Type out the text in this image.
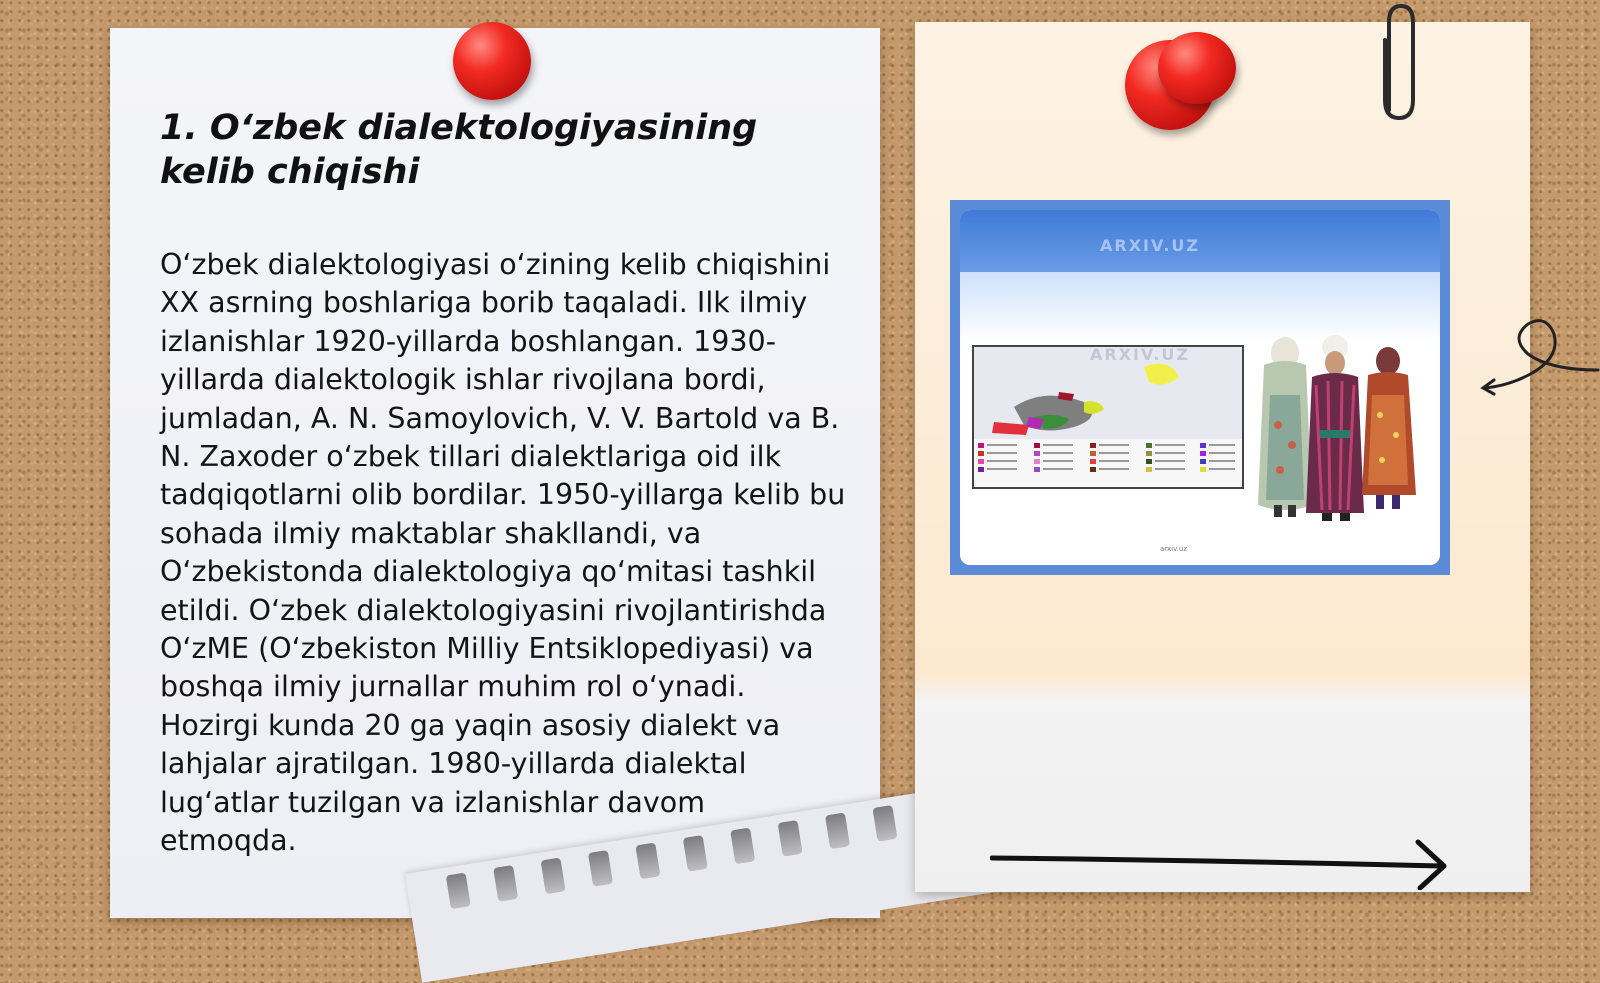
1. O‘zbek dialektologiyasining kelib chiqishi

O‘zbek dialektologiyasi o‘zining kelib chiqishini XX asrning boshlariga borib taqaladi. Ilk ilmiy izlanishlar 1920-yillarda boshlangan. 1930-yillarda dialektologik ishlar rivojlana bordi, jumladan, A. N. Samoylovich, V. V. Bartold va B. N. Zaxoder o‘zbek tillari dialektlariga oid ilk tadqiqotlarni olib bordilar. 1950-yillarga kelib bu sohada ilmiy maktablar shakllandi, va O‘zbekistonda dialektologiya qo‘mitasi tashkil etildi. O‘zbek dialektologiyasini rivojlantirishda O‘zME (O‘zbekiston Milliy Entsiklopediyasi) va boshqa ilmiy jurnallar muhim rol o‘ynadi. Hozirgi kunda 20 ga yaqin asosiy dialekt va lahjalar ajratilgan. 1980-yillarda dialektal lug‘atlar tuzilgan va izlanishlar davom etmoqda.

ARXIV.UZ
ARXIV.UZ
arxiv.uz
